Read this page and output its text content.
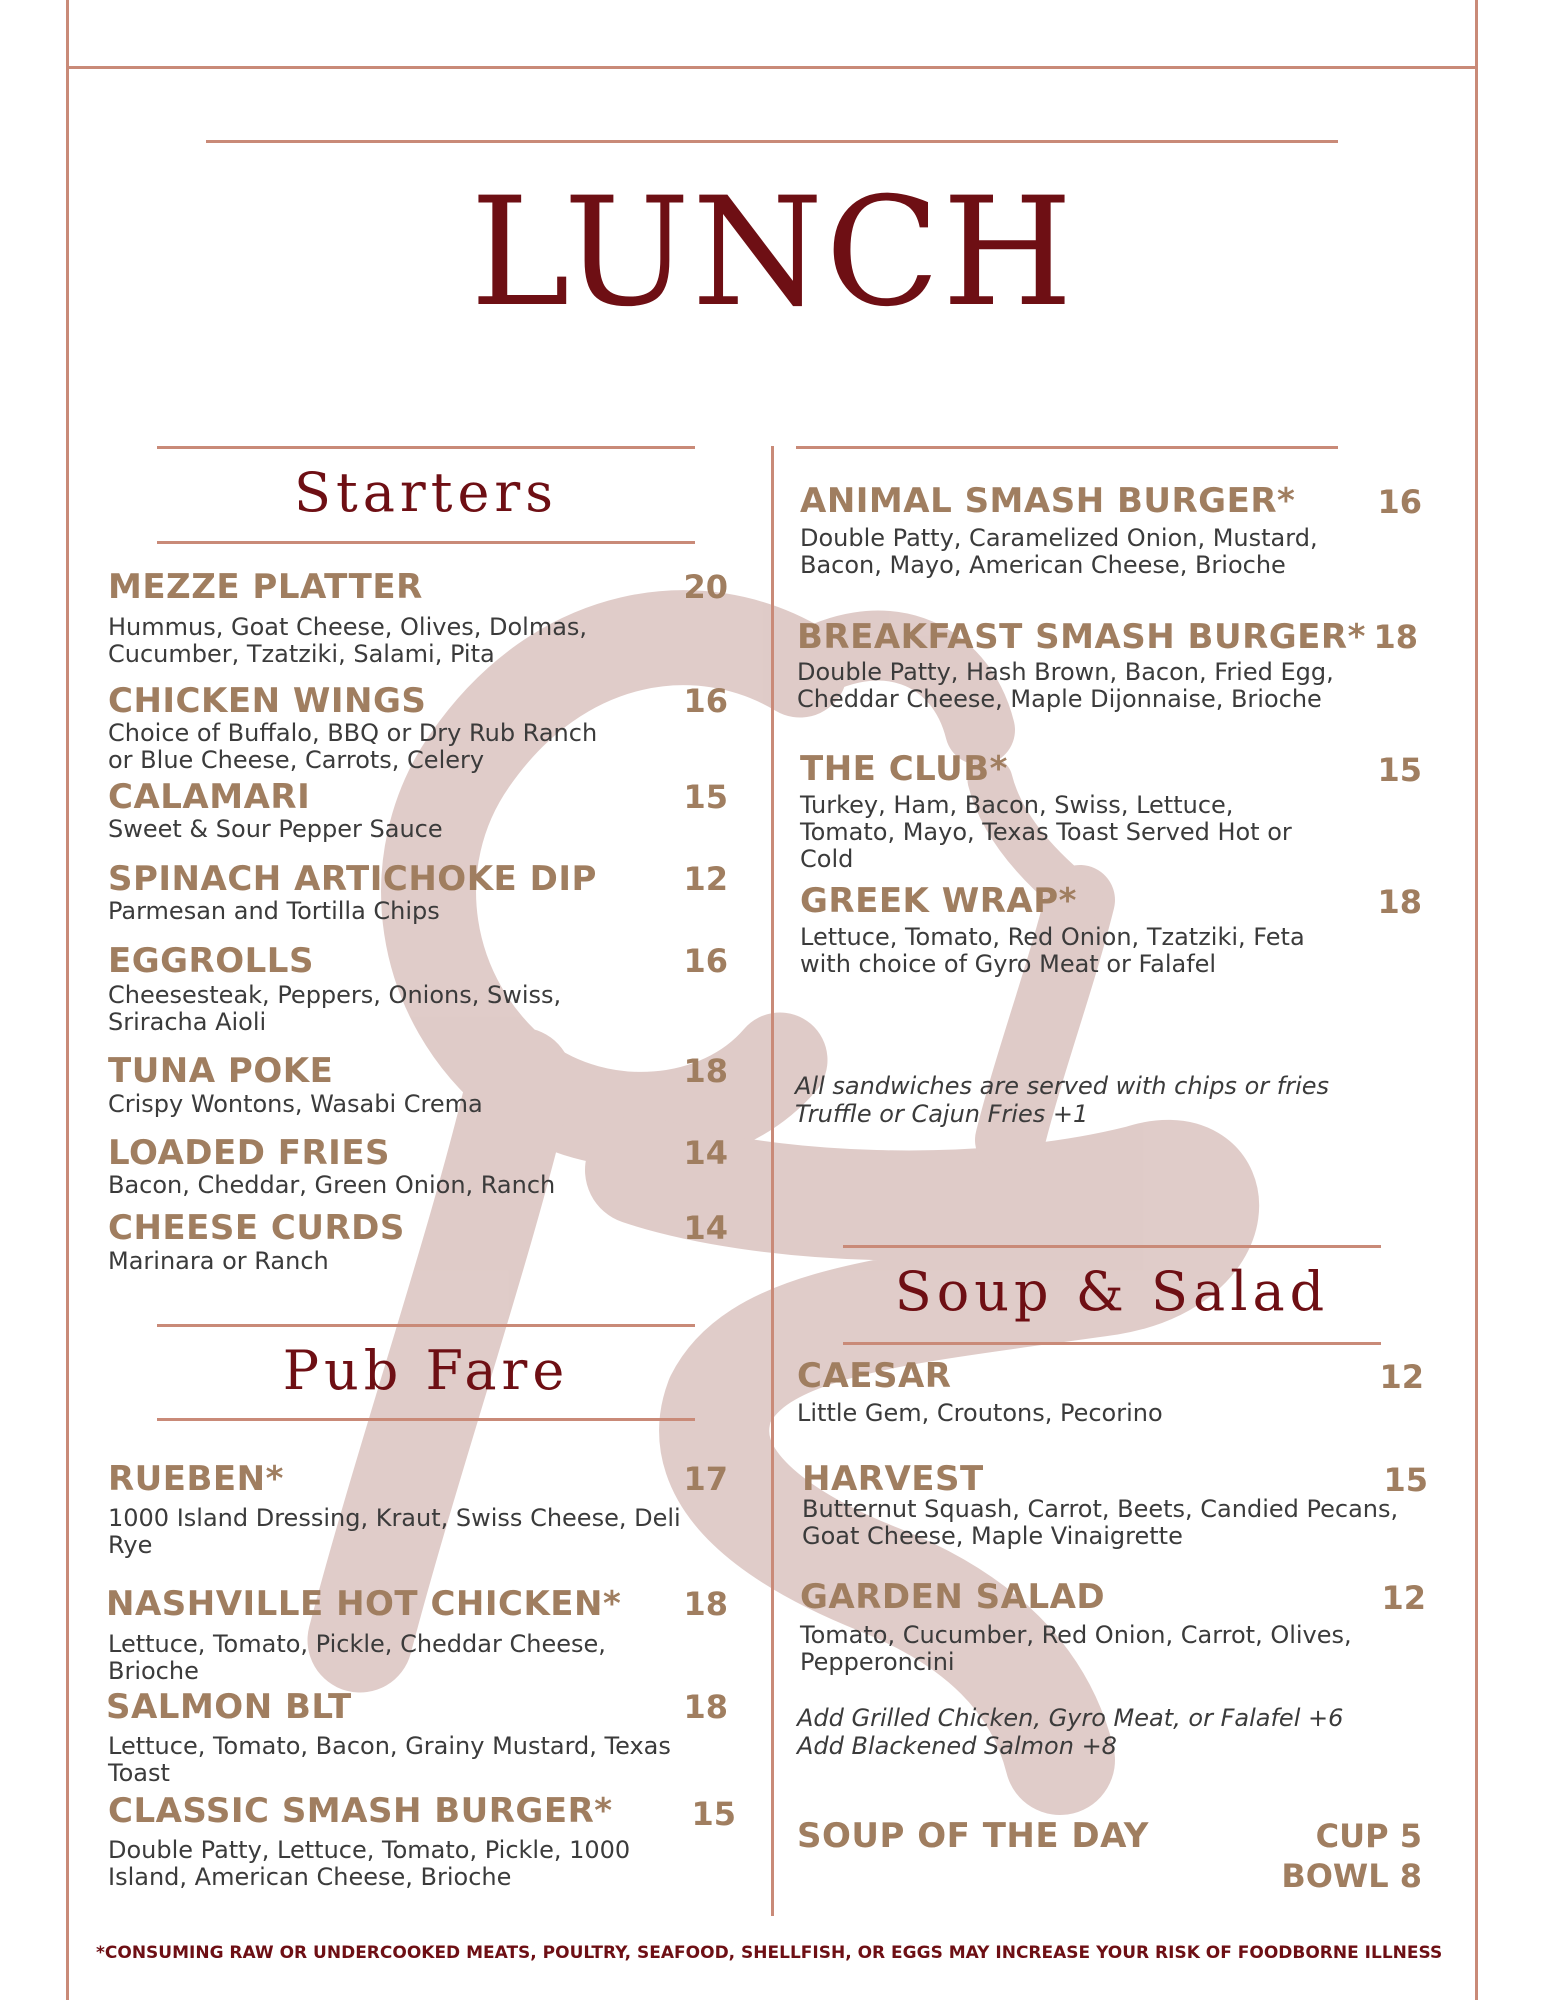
LUNCH
Starters
MEZZE PLATTER	20

Hummus, Goat Cheese, Olives, Dolmas, Cucumber, Tzatziki, Salami, Pita

CHICKEN WINGS	16

Choice of Buffalo, BBQ or Dry Rub Ranch or Blue Cheese, Carrots, Celery

CALAMARI	15

Sweet & Sour Pepper Sauce

SPINACH ARTICHOKE DIP	12

Parmesan and Tortilla Chips

EGGROLLS	16

Cheesesteak, Peppers, Onions, Swiss, Sriracha Aioli

TUNA POKE	18

Crispy Wontons, Wasabi Crema

LOADED FRIES	14

Bacon, Cheddar, Green Onion, Ranch

CHEESE CURDS	14

Marinara or Ranch

Pub Fare
RUEBEN*	17

1000 Island Dressing, Kraut, Swiss Cheese, Deli Rye

NASHVILLE HOT CHICKEN*	18

Lettuce, Tomato, Pickle, Cheddar Cheese, Brioche

SALMON BLT	18

Lettuce, Tomato, Bacon, Grainy Mustard, Texas Toast

CLASSIC SMASH BURGER*	15

Double Patty, Lettuce, Tomato, Pickle, 1000 Island, American Cheese, Brioche

ANIMAL SMASH BURGER*	16

Double Patty, Caramelized Onion, Mustard, Bacon, Mayo, American Cheese, Brioche

BREAKFAST SMASH BURGER* 18

Double Patty, Hash Brown, Bacon, Fried Egg, Cheddar Cheese, Maple Dijonnaise, Brioche

THE CLUB*	15

Turkey, Ham, Bacon, Swiss, Lettuce, Tomato, Mayo, Texas Toast Served Hot or Cold

GREEK WRAP*	18

Lettuce, Tomato, Red Onion, Tzatziki, Feta with choice of Gyro Meat or Falafel

All sandwiches are served with chips or fries

Truffle or Cajun Fries +1

Soup & Salad
CAESAR	12

Little Gem, Croutons, Pecorino

HARVEST	15

Butternut Squash, Carrot, Beets, Candied Pecans, Goat Cheese, Maple Vinaigrette

GARDEN SALAD	12

Tomato, Cucumber, Red Onion, Carrot, Olives, Pepperoncini

Add Grilled Chicken, Gyro Meat, or Falafel +6

Add Blackened Salmon +8

SOUP OF THE DAY	CUP 5
BOWL 8

*CONSUMING RAW OR UNDERCOOKED MEATS, POULTRY, SEAFOOD, SHELLFISH, OR EGGS MAY INCREASE YOUR RISK OF FOODBORNE ILLNESS
